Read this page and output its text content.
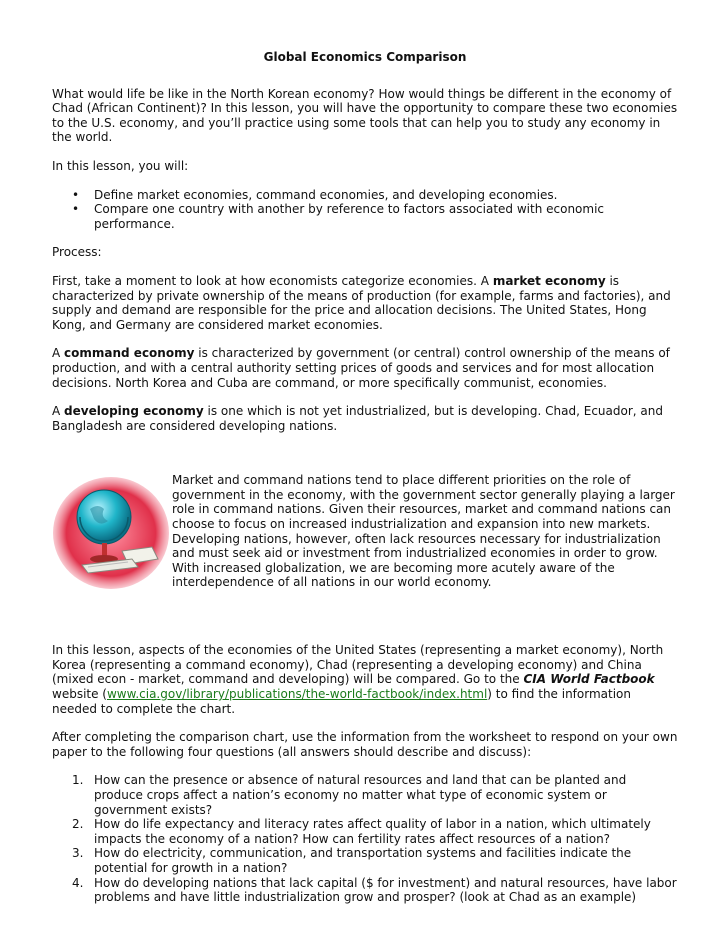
Global Economics Comparison

What would life be like in the North Korean economy? How would things be different in the economy of Chad (African Continent)? In this lesson, you will have the opportunity to compare these two economies to the U.S. economy, and you’ll practice using some tools that can help you to study any economy in the world.

In this lesson, you will:

• Define market economies, command economies, and developing economies.
• Compare one country with another by reference to factors associated with economic performance.

Process:

First, take a moment to look at how economists categorize economies. A market economy is characterized by private ownership of the means of production (for example, farms and factories), and supply and demand are responsible for the price and allocation decisions. The United States, Hong Kong, and Germany are considered market economies.

A command economy is characterized by government (or central) control ownership of the means of production, and with a central authority setting prices of goods and services and for most allocation decisions. North Korea and Cuba are command, or more specifically communist, economies.

A developing economy is one which is not yet industrialized, but is developing. Chad, Ecuador, and Bangladesh are considered developing nations.

Market and command nations tend to place different priorities on the role of government in the economy, with the government sector generally playing a larger role in command nations. Given their resources, market and command nations can choose to focus on increased industrialization and expansion into new markets. Developing nations, however, often lack resources necessary for industrialization and must seek aid or investment from industrialized economies in order to grow. With increased globalization, we are becoming more acutely aware of the interdependence of all nations in our world economy.

In this lesson, aspects of the economies of the United States (representing a market economy), North Korea (representing a command economy), Chad (representing a developing economy) and China (mixed econ - market, command and developing) will be compared. Go to the CIA World Factbook website (www.cia.gov/library/publications/the-world-factbook/index.html) to find the information needed to complete the chart.

After completing the comparison chart, use the information from the worksheet to respond on your own paper to the following four questions (all answers should describe and discuss):

1. How can the presence or absence of natural resources and land that can be planted and produce crops affect a nation’s economy no matter what type of economic system or government exists?
2. How do life expectancy and literacy rates affect quality of labor in a nation, which ultimately impacts the economy of a nation? How can fertility rates affect resources of a nation?
3. How do electricity, communication, and transportation systems and facilities indicate the potential for growth in a nation?
4. How do developing nations that lack capital ($ for investment) and natural resources, have labor problems and have little industrialization grow and prosper? (look at Chad as an example)
